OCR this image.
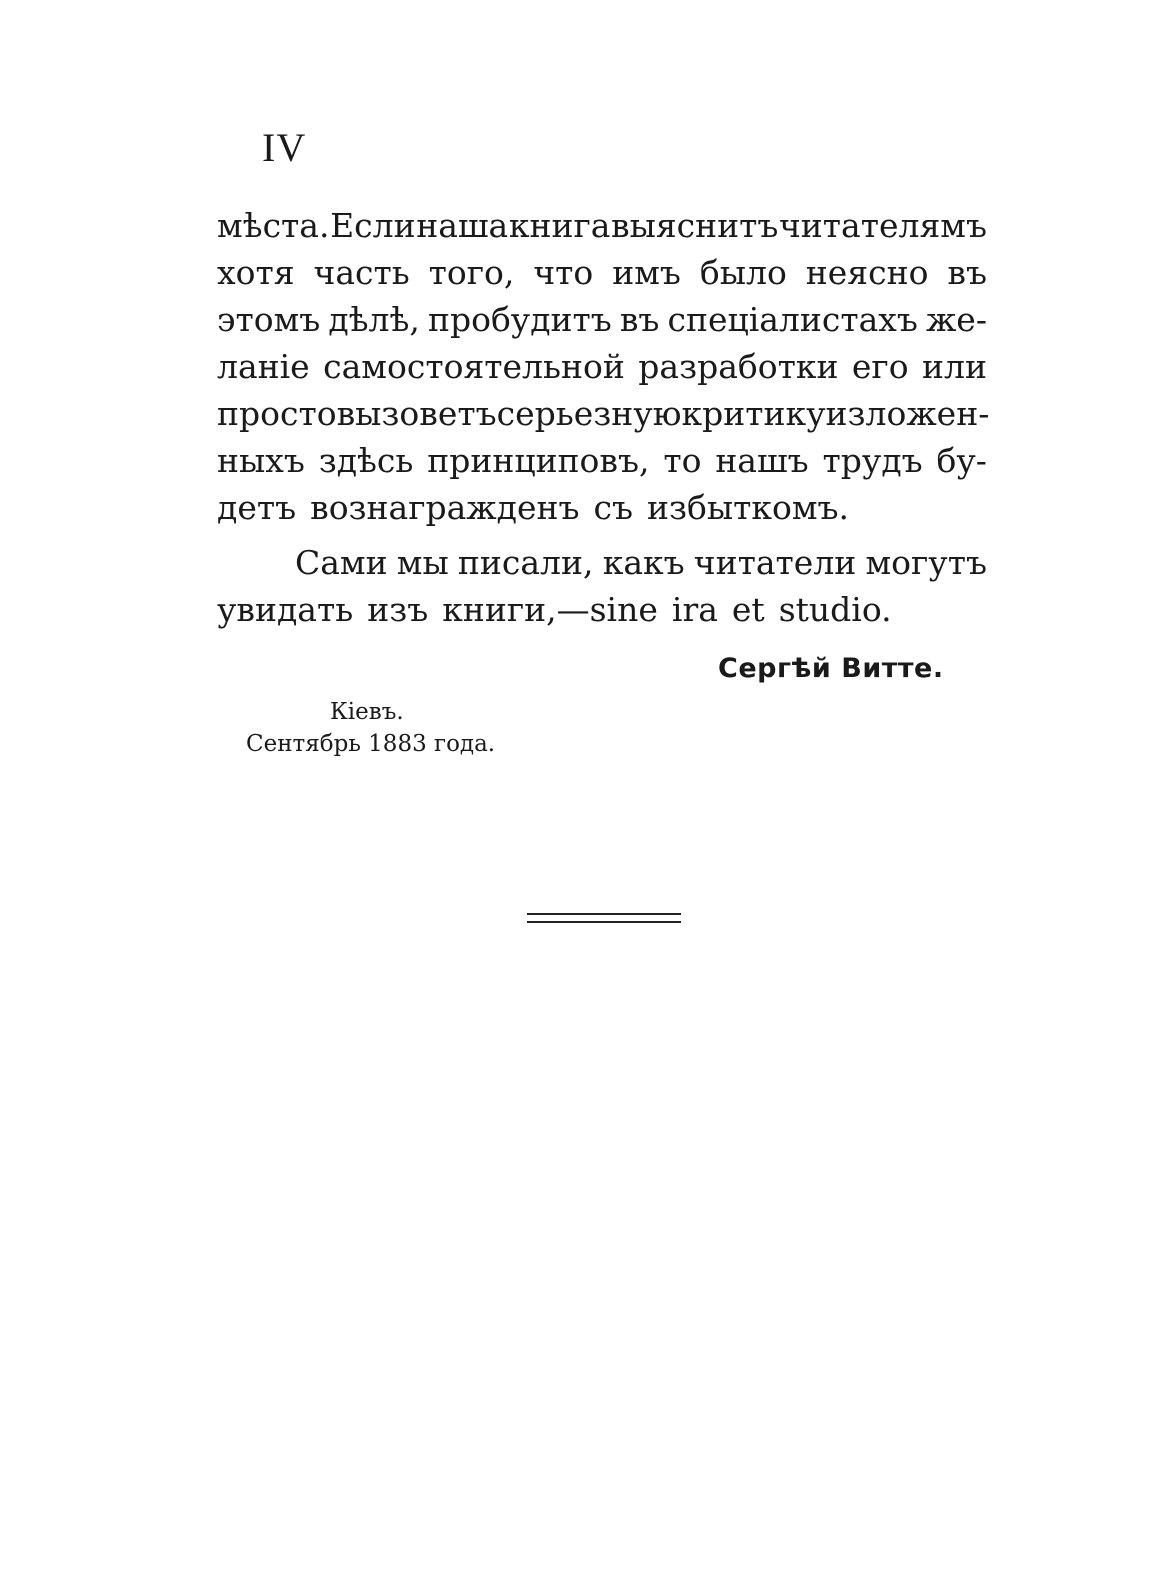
IV
мѣста. Если наша книга выяснитъ читателямъ
хотя часть того, что имъ было неясно въ
этомъ дѣлѣ, пробудитъ въ спеціалистахъ же-
ланіе самостоятельной разработки его или
просто вызоветъ серьезную критику изложен-
ныхъ здѣсь принциповъ, то нашъ трудъ бу-
детъ вознагражденъ съ избыткомъ.
Сами мы писали, какъ читатели могутъ
увидать изъ книги,—sine ira et studio.
Сергѣй Витте.
Кіевъ.
Сентябрь 1883 года.
